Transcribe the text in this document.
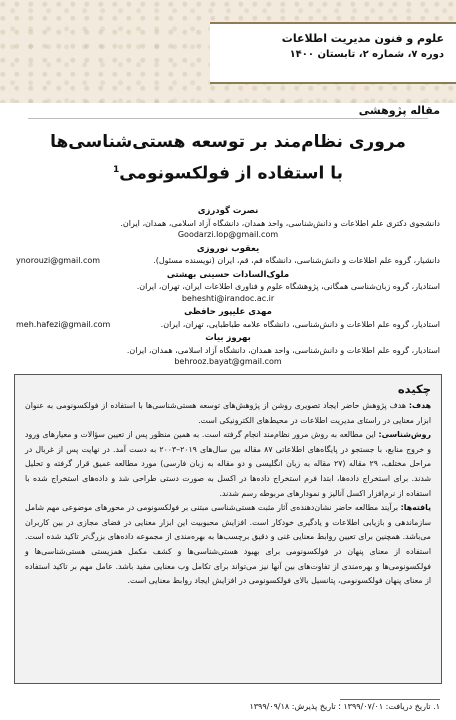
علوم و فنون مدیریت اطلاعات
دوره ۷، شماره ۲، تابستان ۱۴۰۰
مقاله پژوهشی
مروری نظام‌مند بر توسعه هستی‌شناسی‌ها
با استفاده از فولکسونومی$^1$
نصرت گودرزی
دانشجوی دکتری علم اطلاعات و دانش‌شناسی، واحد همدان، دانشگاه آزاد اسلامی، همدان، ایران.
Goodarzi.lop@gmail.com
یعقوب نوروزی
دانشیار، گروه علم اطلاعات و دانش‌شناسی، دانشگاه قم، قم، ایران (نویسنده مسئول).
ynorouzi@gmail.com
ملوک‌السادات حسینی بهشتی
استادیار، گروه زبان‌شناسی همگانی، پژوهشگاه علوم و فناوری اطلاعات ایران، تهران، ایران.
beheshti@irandoc.ac.ir
مهدی علیپور حافظی
استادیار، گروه علم اطلاعات و دانش‌شناسی، دانشگاه علامه طباطبایی، تهران، ایران.
meh.hafezi@gmail.com
بهروز بیات
استادیار، گروه علم اطلاعات و دانش‌شناسی، واحد همدان، دانشگاه آزاد اسلامی، همدان، ایران.
behrooz.bayat@gmail.com
چکیده

هدف: هدف پژوهش حاضر ایجاد تصویری روشن از پژوهش‌های توسعه هستی‌شناسی‌ها با استفاده از فولکسونومی به عنوان ابزار معنایی در راستای مدیریت اطلاعات در محیط‌های الکترونیکی است.

روش‌شناسی: این مطالعه به روش مرور نظام‌مند انجام گرفته است. به همین منظور پس از تعیین سؤالات و معیارهای ورود و خروج منابع، با جستجو در پایگاه‌های اطلاعاتی ۸۷ مقاله بین سال‌های ۲۰۱۹–۲۰۰۳ به دست آمد. در نهایت پس از غربال در مراحل مختلف، ۲۹ مقاله (۲۷ مقاله به زبان انگلیسی و دو مقاله به زبان فارسی) مورد مطالعه عمیق قرار گرفته و تحلیل شدند. برای استخراج داده‌ها، ابتدا فرم استخراج داده‌ها در اکسل به صورت دستی طراحی شد و داده‌های استخراج شده با استفاده از نرم‌افزار اکسل آنالیز و نمودارهای مربوطه رسم شدند.

یافته‌ها: برآیند مطالعه حاضر نشان‌دهنده‌ی آثار مثبت هستی‌شناسی مبتنی بر فولکسونومی در محورهای موضوعی مهم شامل سازماندهی و بازیابی اطلاعات و یادگیری خودکار است. افزایش محبوبیت این ابزار معنایی در فضای مجازی در بین کاربران می‌باشد. همچنین برای تعیین روابط معنایی غنی و دقیق برچسب‌ها به بهره‌مندی از مجموعه داده‌های بزرگ‌تر تاکید شده است. استفاده از معنای پنهان در فولکسونومی برای بهبود هستی‌شناسی‌ها و کشف مکمل همزیستی هستی‌شناسی‌ها و فولکسونومی‌ها و بهره‌مندی از تفاوت‌های بین آنها نیز می‌تواند برای تکامل وب معنایی مفید باشد. عامل مهم بر تاکید استفاده از معنای پنهان فولکسونومی، پتانسیل بالای فولکسونومی در افزایش ایجاد روابط معنایی است.

۱. تاریخ دریافت: ۱۳۹۹/۰۷/۰۱ ؛ تاریخ پذیرش: ۱۳۹۹/۰۹/۱۸
